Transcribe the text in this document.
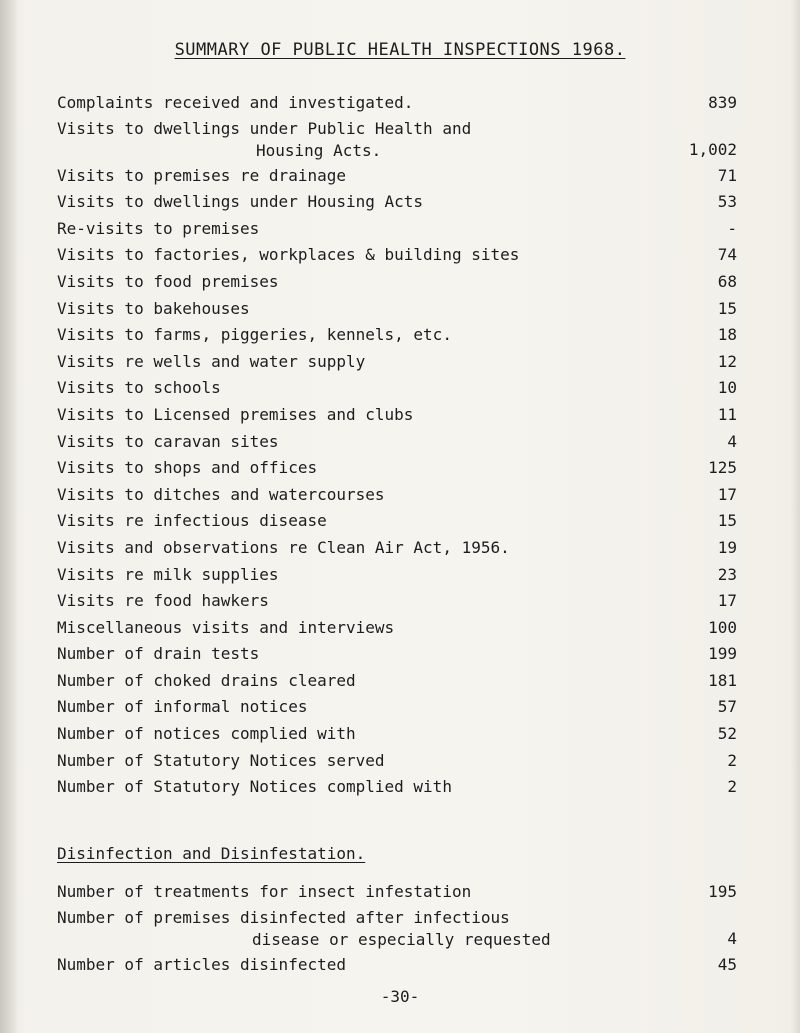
SUMMARY OF PUBLIC HEALTH INSPECTIONS 1968.
Complaints received and investigated.	839
Visits to dwellings under Public Health and
Housing Acts.	1,002
Visits to premises re drainage	71
Visits to dwellings under Housing Acts	53
Re-visits to premises	-
Visits to factories, workplaces & building sites	74
Visits to food premises	68
Visits to bakehouses	15
Visits to farms, piggeries, kennels, etc.	18
Visits re wells and water supply	12
Visits to schools	10
Visits to Licensed premises and clubs	11
Visits to caravan sites	4
Visits to shops and offices	125
Visits to ditches and watercourses	17
Visits re infectious disease	15
Visits and observations re Clean Air Act, 1956.	19
Visits re milk supplies	23
Visits re food hawkers	17
Miscellaneous visits and interviews	100
Number of drain tests	199
Number of choked drains cleared	181
Number of informal notices	57
Number of notices complied with	52
Number of Statutory Notices served	2
Number of Statutory Notices complied with	2
Disinfection and Disinfestation.
Number of treatments for insect infestation	195
Number of premises disinfected after infectious
disease or especially requested	4
Number of articles disinfected	45
-30-
